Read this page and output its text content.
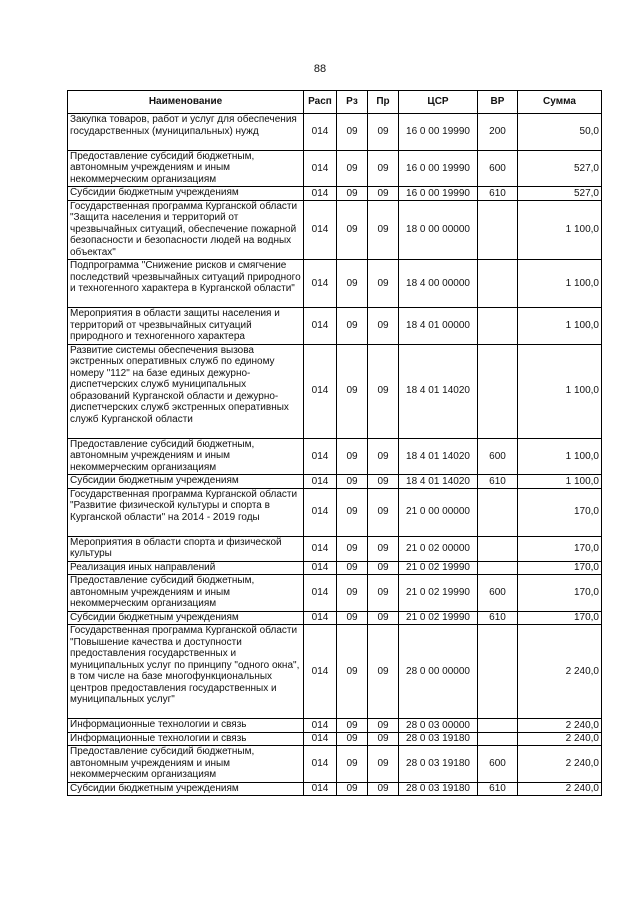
88
Наименование	Расп	Рз	Пр	ЦСР	ВР	Сумма
Закупка товаров, работ и услуг для обеспечения государственных (муниципальных) нужд	014	09	09	16 0 00 19990	200	50,0
Предоставление субсидий бюджетным, автономным учреждениям и иным некоммерческим организациям	014	09	09	16 0 00 19990	600	527,0
Субсидии бюджетным учреждениям	014	09	09	16 0 00 19990	610	527,0
Государственная программа Курганской области "Защита населения и территорий от чрезвычайных ситуаций, обеспечение пожарной безопасности и безопасности людей на водных объектах"	014	09	09	18 0 00 00000		1 100,0
Подпрограмма "Снижение рисков и смягчение последствий чрезвычайных ситуаций природного и техногенного характера в Курганской области"	014	09	09	18 4 00 00000		1 100,0
Мероприятия в области защиты населения и территорий от чрезвычайных ситуаций природного и техногенного характера	014	09	09	18 4 01 00000		1 100,0
Развитие системы обеспечения вызова экстренных оперативных служб по единому номеру "112" на базе единых дежурно-диспетчерских служб муниципальных образований Курганской области и дежурно-диспетчерских служб экстренных оперативных служб Курганской области	014	09	09	18 4 01 14020		1 100,0
Предоставление субсидий бюджетным, автономным учреждениям и иным некоммерческим организациям	014	09	09	18 4 01 14020	600	1 100,0
Субсидии бюджетным учреждениям	014	09	09	18 4 01 14020	610	1 100,0
Государственная программа Курганской области "Развитие физической культуры и спорта в Курганской области" на 2014 - 2019 годы	014	09	09	21 0 00 00000		170,0
Мероприятия в области спорта и физической культуры	014	09	09	21 0 02 00000		170,0
Реализация иных направлений	014	09	09	21 0 02 19990		170,0
Предоставление субсидий бюджетным, автономным учреждениям и иным некоммерческим организациям	014	09	09	21 0 02 19990	600	170,0
Субсидии бюджетным учреждениям	014	09	09	21 0 02 19990	610	170,0
Государственная программа Курганской области "Повышение качества и доступности предоставления государственных и муниципальных услуг по принципу "одного окна", в том числе на базе многофункциональных центров предоставления государственных и муниципальных услуг"	014	09	09	28 0 00 00000		2 240,0
Информационные технологии и связь	014	09	09	28 0 03 00000		2 240,0
Информационные технологии и связь	014	09	09	28 0 03 19180		2 240,0
Предоставление субсидий бюджетным, автономным учреждениям и иным некоммерческим организациям	014	09	09	28 0 03 19180	600	2 240,0
Субсидии бюджетным учреждениям	014	09	09	28 0 03 19180	610	2 240,0
